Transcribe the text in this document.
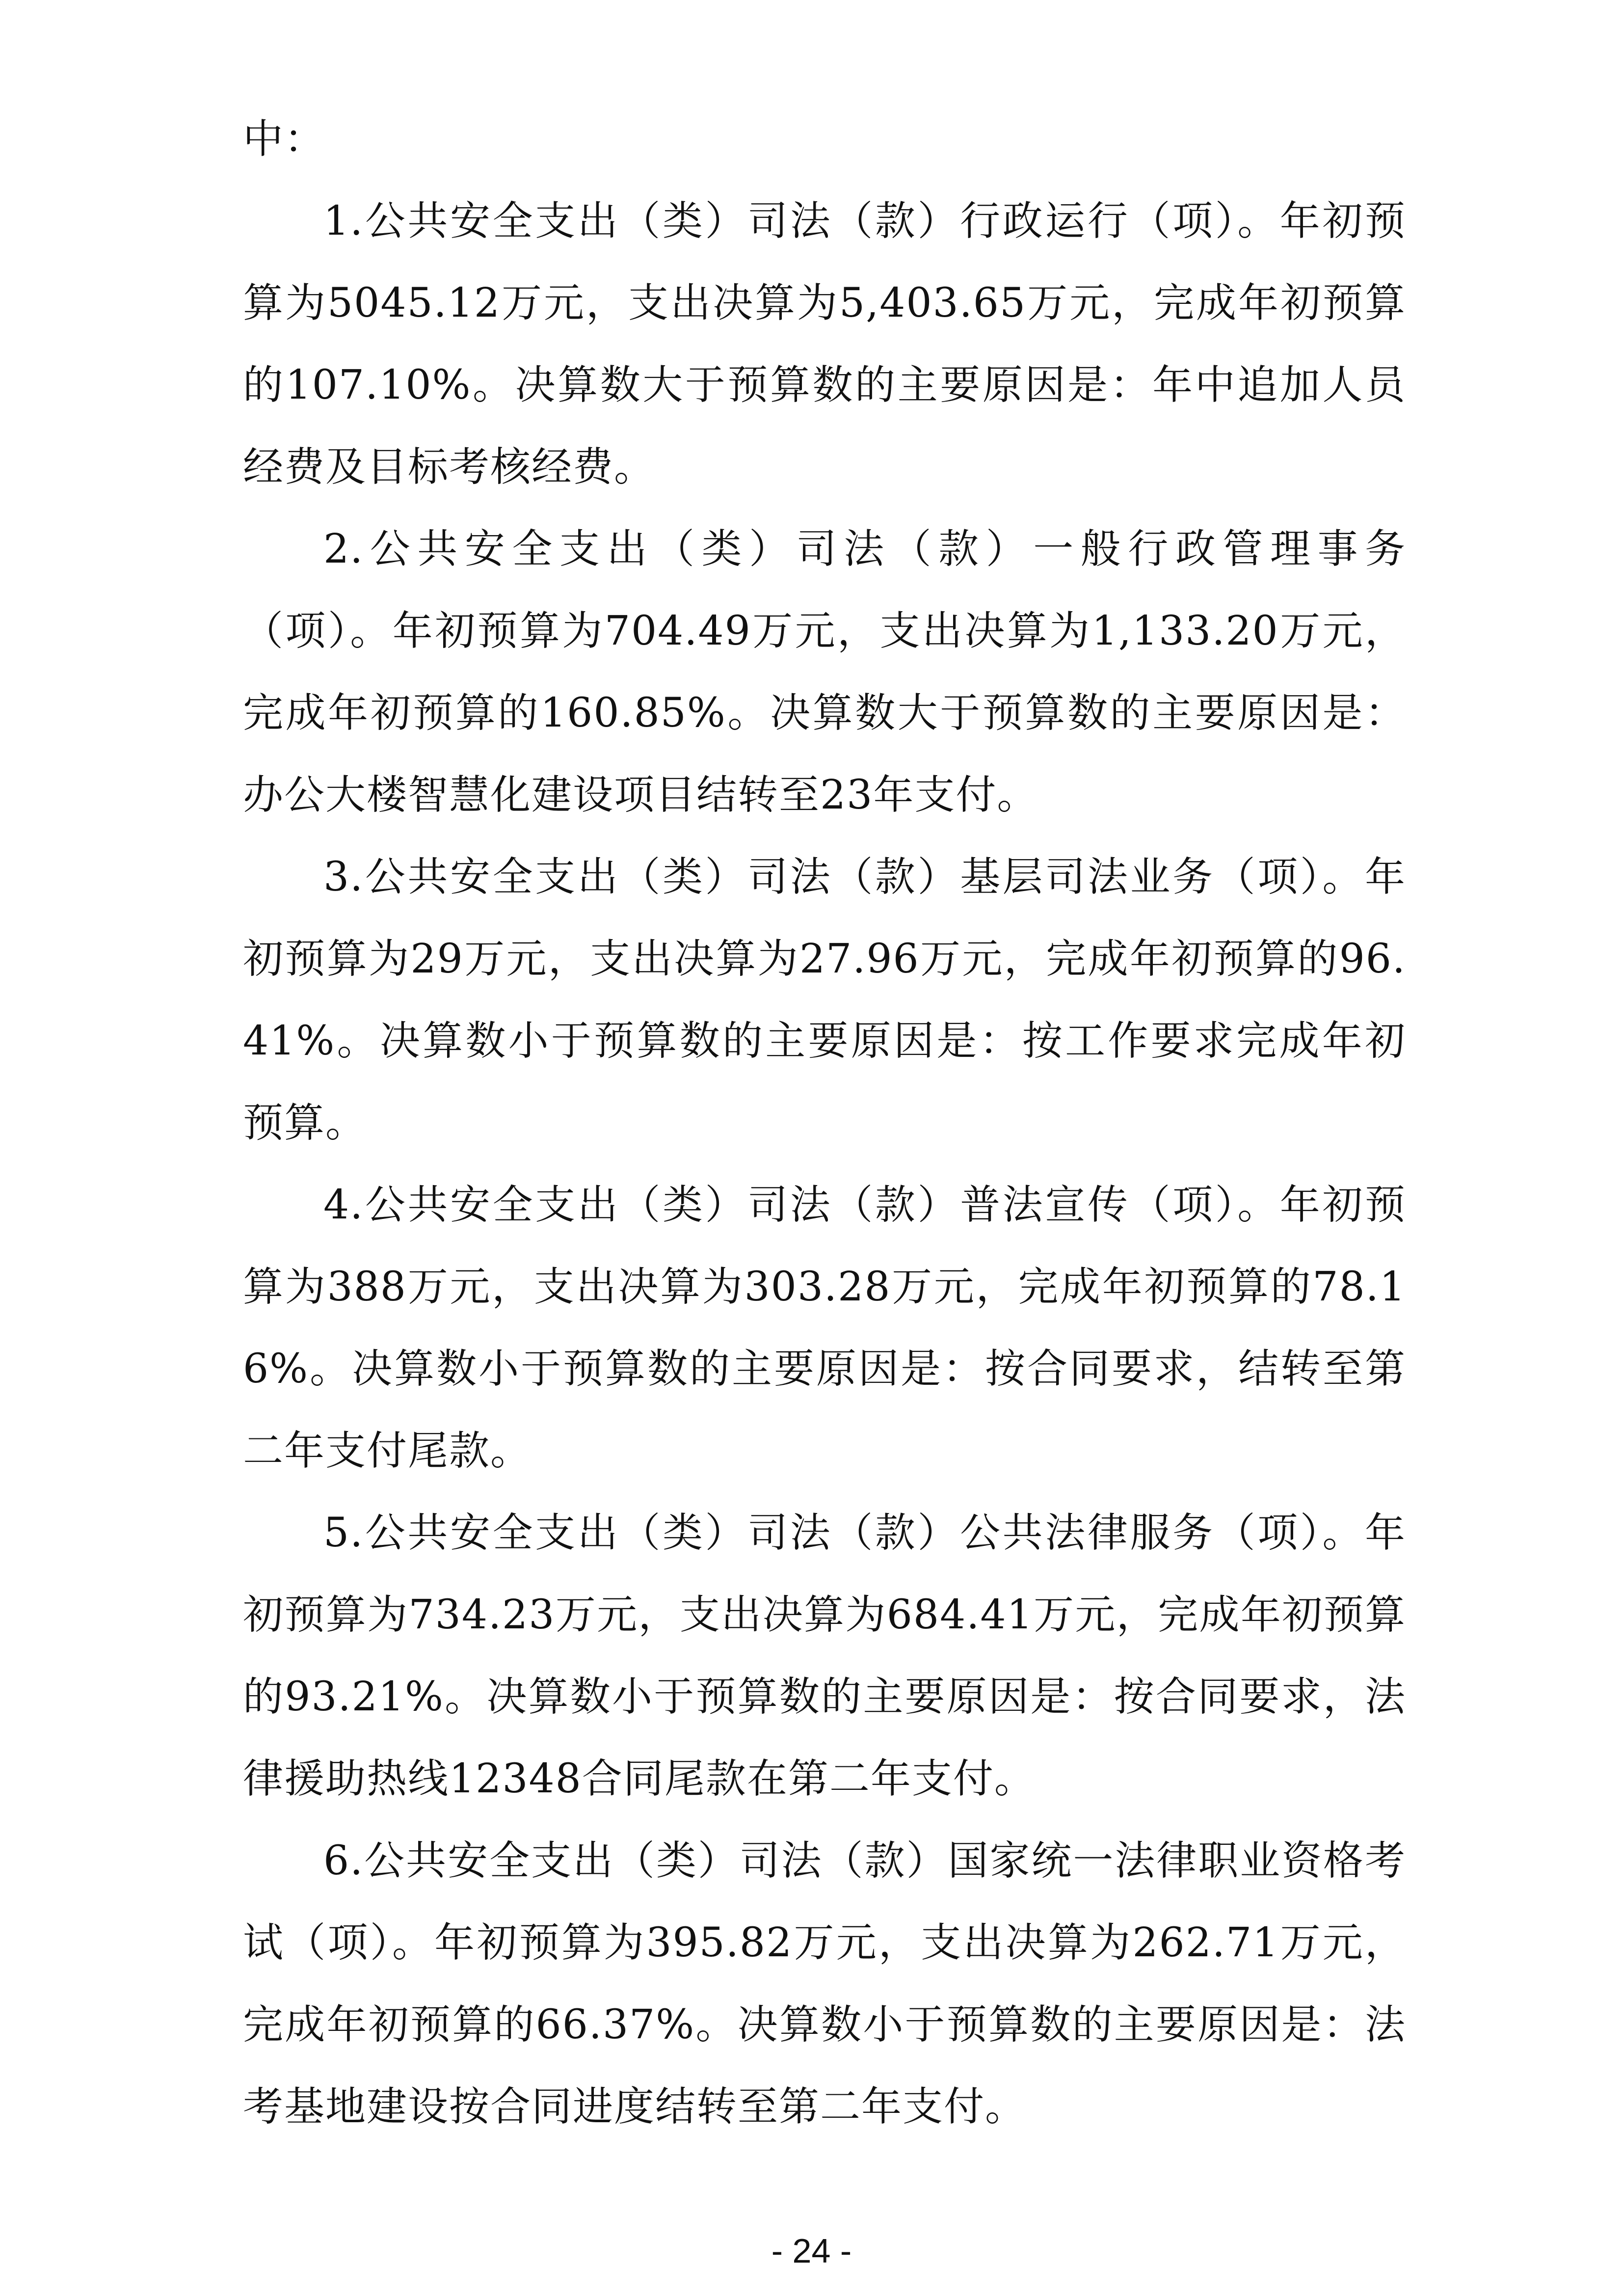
中：

1.公共安全支出（类）司法（款）行政运行（项）。年初预算为5045.12万元，支出决算为5,403.65万元，完成年初预算的107.10%。决算数大于预算数的主要原因是：年中追加人员经费及目标考核经费。

2.公共安全支出（类）司法（款）一般行政管理事务（项）。年初预算为704.49万元，支出决算为1,133.20万元，完成年初预算的160.85%。决算数大于预算数的主要原因是：办公大楼智慧化建设项目结转至23年支付。

3.公共安全支出（类）司法（款）基层司法业务（项）。年初预算为29万元，支出决算为27.96万元，完成年初预算的96.41%。决算数小于预算数的主要原因是：按工作要求完成年初预算。

4.公共安全支出（类）司法（款）普法宣传（项）。年初预算为388万元，支出决算为303.28万元，完成年初预算的78.16%。决算数小于预算数的主要原因是：按合同要求，结转至第二年支付尾款。

5.公共安全支出（类）司法（款）公共法律服务（项）。年初预算为734.23万元，支出决算为684.41万元，完成年初预算的93.21%。决算数小于预算数的主要原因是：按合同要求，法律援助热线12348合同尾款在第二年支付。

6.公共安全支出（类）司法（款）国家统一法律职业资格考试（项）。年初预算为395.82万元，支出决算为262.71万元，完成年初预算的66.37%。决算数小于预算数的主要原因是：法考基地建设按合同进度结转至第二年支付。

- 24 -
